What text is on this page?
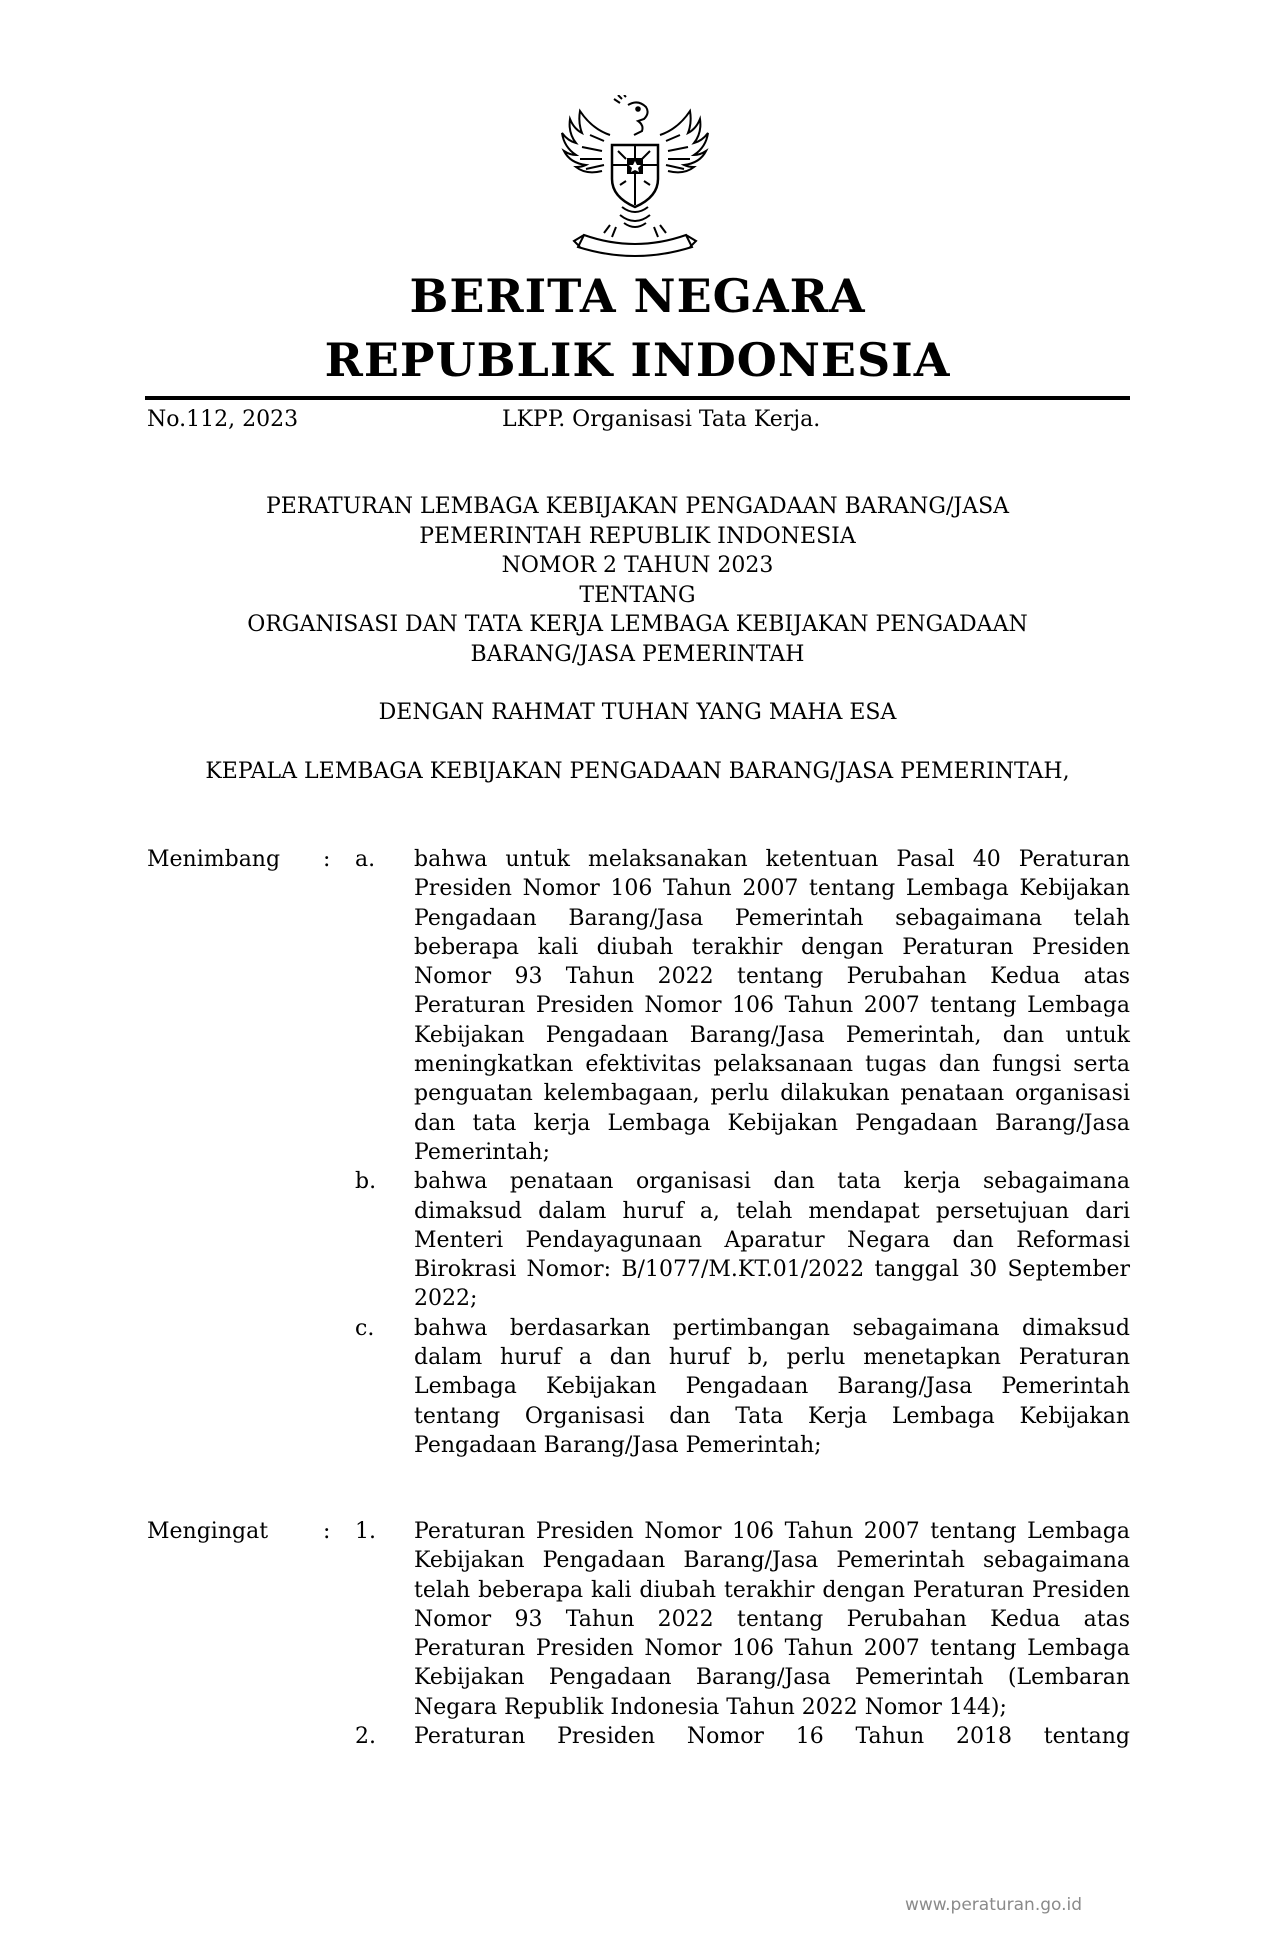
BERITA NEGARA
REPUBLIK INDONESIA
No.112, 2023	LKPP. Organisasi Tata Kerja.
PERATURAN LEMBAGA KEBIJAKAN PENGADAAN BARANG/JASA
PEMERINTAH REPUBLIK INDONESIA
NOMOR 2 TAHUN 2023
TENTANG
ORGANISASI DAN TATA KERJA LEMBAGA KEBIJAKAN PENGADAAN
BARANG/JASA PEMERINTAH
DENGAN RAHMAT TUHAN YANG MAHA ESA
KEPALA LEMBAGA KEBIJAKAN PENGADAAN BARANG/JASA PEMERINTAH,
Menimbang : a. bahwa untuk melaksanakan ketentuan Pasal 40 Peraturan Presiden Nomor 106 Tahun 2007 tentang Lembaga Kebijakan Pengadaan Barang/Jasa Pemerintah sebagaimana telah beberapa kali diubah terakhir dengan Peraturan Presiden Nomor 93 Tahun 2022 tentang Perubahan Kedua atas Peraturan Presiden Nomor 106 Tahun 2007 tentang Lembaga Kebijakan Pengadaan Barang/Jasa Pemerintah, dan untuk meningkatkan efektivitas pelaksanaan tugas dan fungsi serta penguatan kelembagaan, perlu dilakukan penataan organisasi dan tata kerja Lembaga Kebijakan Pengadaan Barang/Jasa Pemerintah;
b. bahwa penataan organisasi dan tata kerja sebagaimana dimaksud dalam huruf a, telah mendapat persetujuan dari Menteri Pendayagunaan Aparatur Negara dan Reformasi Birokrasi Nomor: B/1077/M.KT.01/2022 tanggal 30 September 2022;
c. bahwa berdasarkan pertimbangan sebagaimana dimaksud dalam huruf a dan huruf b, perlu menetapkan Peraturan Lembaga Kebijakan Pengadaan Barang/Jasa Pemerintah tentang Organisasi dan Tata Kerja Lembaga Kebijakan Pengadaan Barang/Jasa Pemerintah;
Mengingat : 1. Peraturan Presiden Nomor 106 Tahun 2007 tentang Lembaga Kebijakan Pengadaan Barang/Jasa Pemerintah sebagaimana telah beberapa kali diubah terakhir dengan Peraturan Presiden Nomor 93 Tahun 2022 tentang Perubahan Kedua atas Peraturan Presiden Nomor 106 Tahun 2007 tentang Lembaga Kebijakan Pengadaan Barang/Jasa Pemerintah (Lembaran Negara Republik Indonesia Tahun 2022 Nomor 144);
2. Peraturan Presiden Nomor 16 Tahun 2018 tentang
www.peraturan.go.id
